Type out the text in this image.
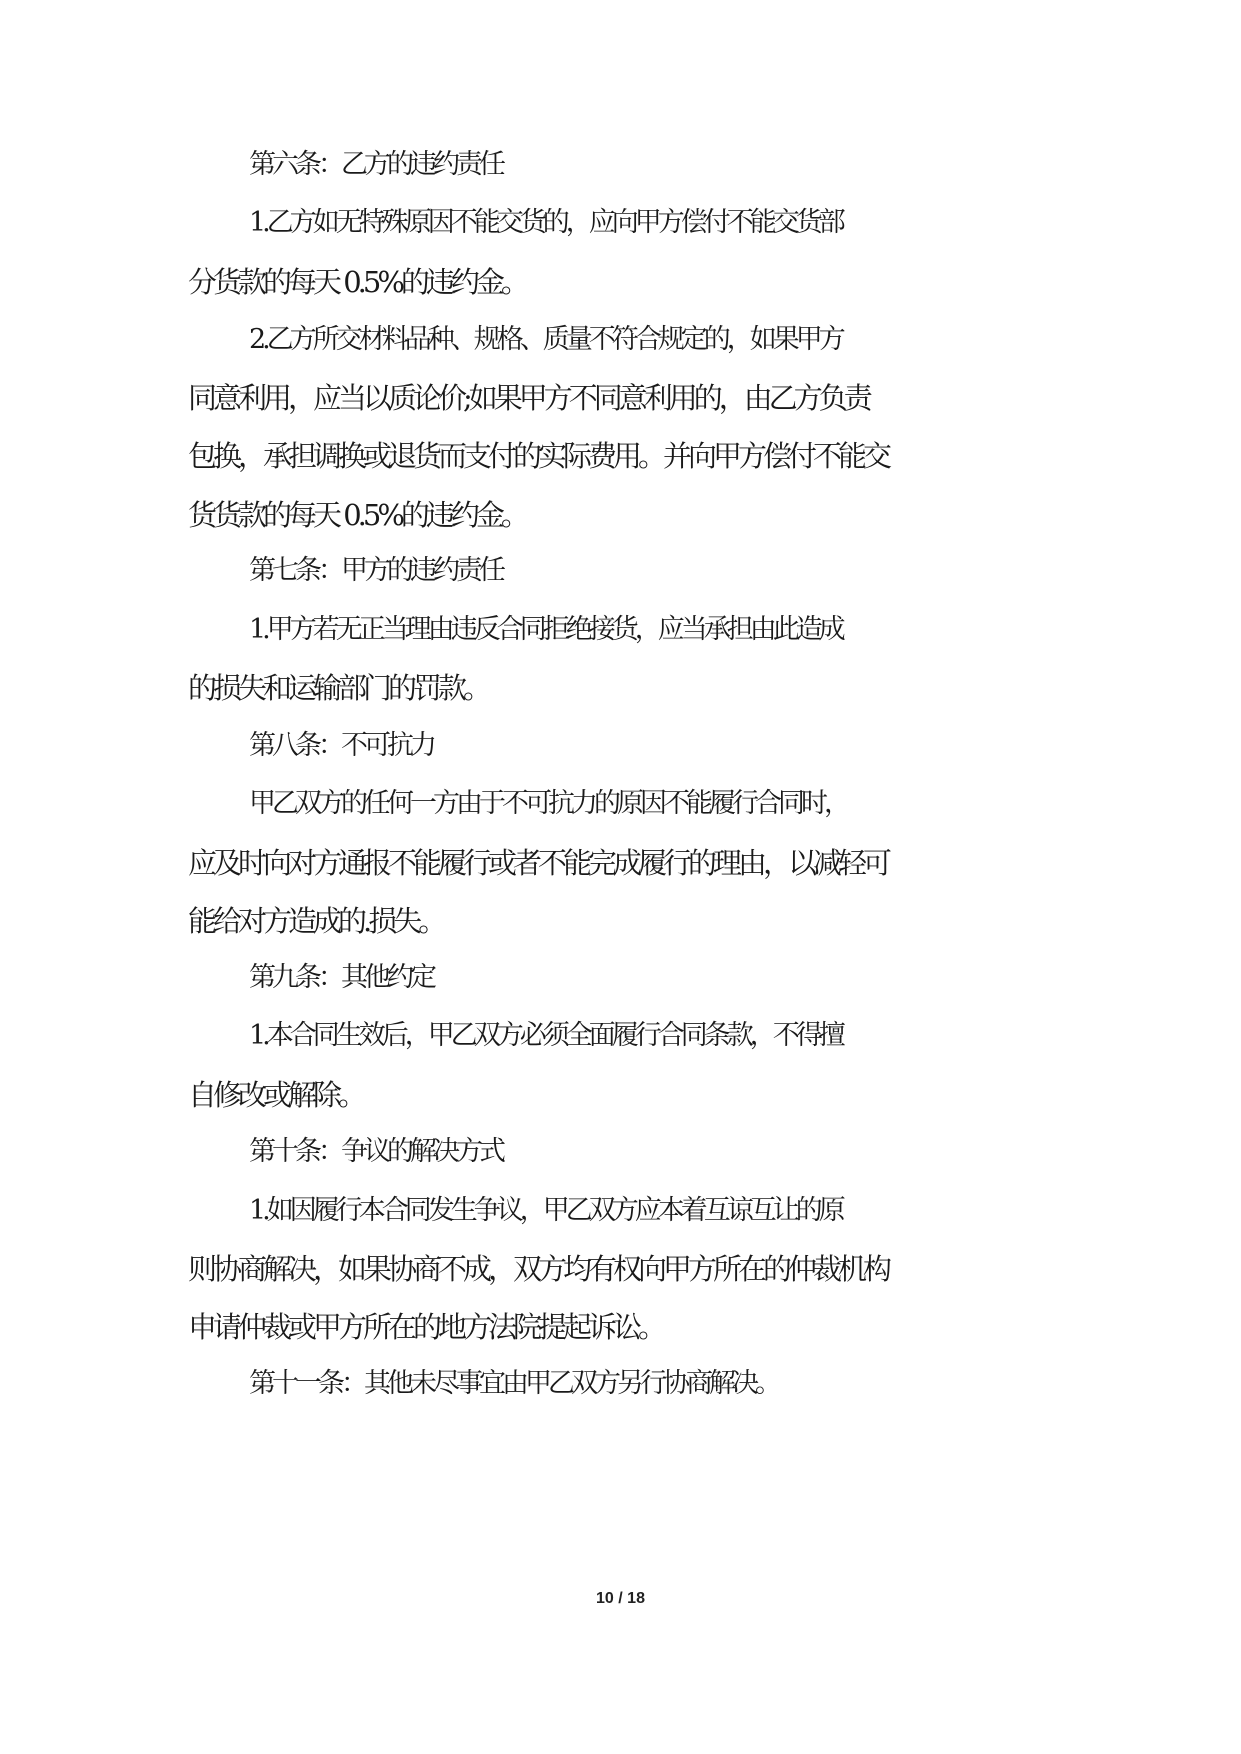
第六条：乙方的违约责任
1.乙方如无特殊原因不能交货的，应向甲方偿付不能交货部
分货款的每天 0.5%的违约金。
2.乙方所交材料品种、规格、质量不符合规定的，如果甲方
同意利用，应当以质论价;如果甲方不同意利用的，由乙方负责
包换，承担调换或退货而支付的实际费用。并向甲方偿付不能交
货货款的每天 0.5%的违约金。
第七条：甲方的违约责任
1.甲方若无正当理由违反合同拒绝接货，应当承担由此造成
的损失和运输部门的罚款。
第八条：不可抗力
甲乙双方的任何一方由于不可抗力的原因不能履行合同时，
应及时向对方通报不能履行或者不能完成履行的理由，以减轻可
能给对方造成的.损失。
第九条：其他约定
1.本合同生效后，甲乙双方必须全面履行合同条款，不得擅
自修改或解除。
第十条：争议的解决方式
1.如因履行本合同发生争议，甲乙双方应本着互谅互让的原
则协商解决，如果协商不成，双方均有权向甲方所在的仲裁机构
申请仲裁或甲方所在的地方法院提起诉讼。
第十一条：其他未尽事宜由甲乙双方另行协商解决。
10 / 18
